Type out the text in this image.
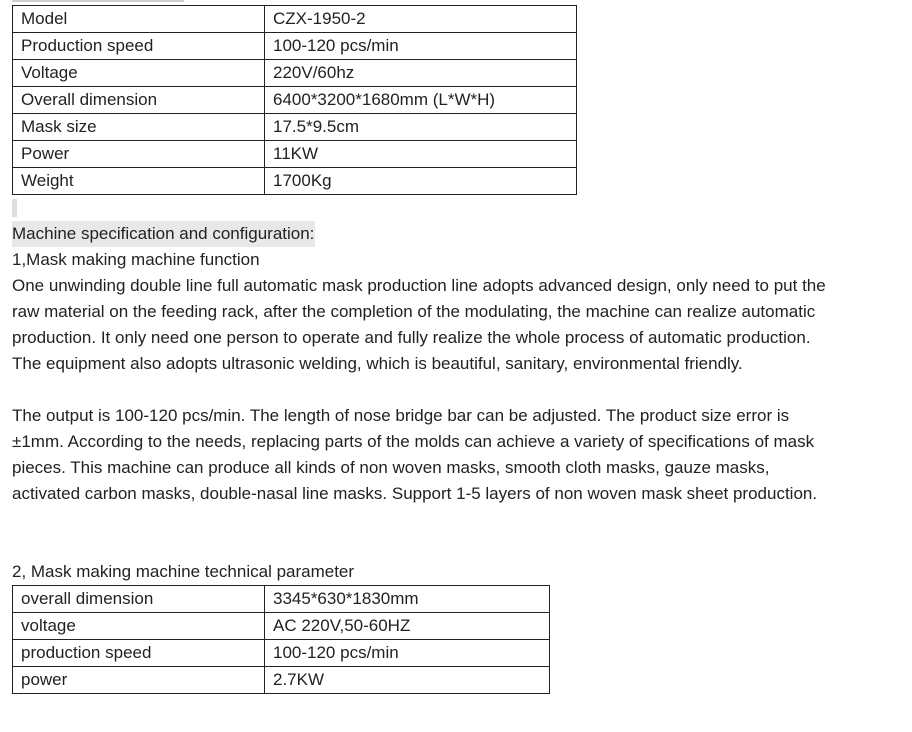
Model	CZX-1950-2
Production speed	100-120 pcs/min
Voltage	220V/60hz
Overall dimension	6400*3200*1680mm (L*W*H)
Mask size	17.5*9.5cm
Power	11KW
Weight	1700Kg

Machine specification and configuration:

1,Mask making machine function

One unwinding double line full automatic mask production line adopts advanced design, only need to put the raw material on the feeding rack, after the completion of the modulating, the machine can realize automatic production. It only need one person to operate and fully realize the whole process of automatic production. The equipment also adopts ultrasonic welding, which is beautiful, sanitary, environmental friendly.

The output is 100-120 pcs/min. The length of nose bridge bar can be adjusted. The product size error is ±1mm. According to the needs, replacing parts of the molds can achieve a variety of specifications of mask pieces. This machine can produce all kinds of non woven masks, smooth cloth masks, gauze masks, activated carbon masks, double-nasal line masks. Support 1-5 layers of non woven mask sheet production.

2, Mask making machine technical parameter

overall dimension	3345*630*1830mm
voltage	AC 220V,50-60HZ
production speed	100-120 pcs/min
power	2.7KW
